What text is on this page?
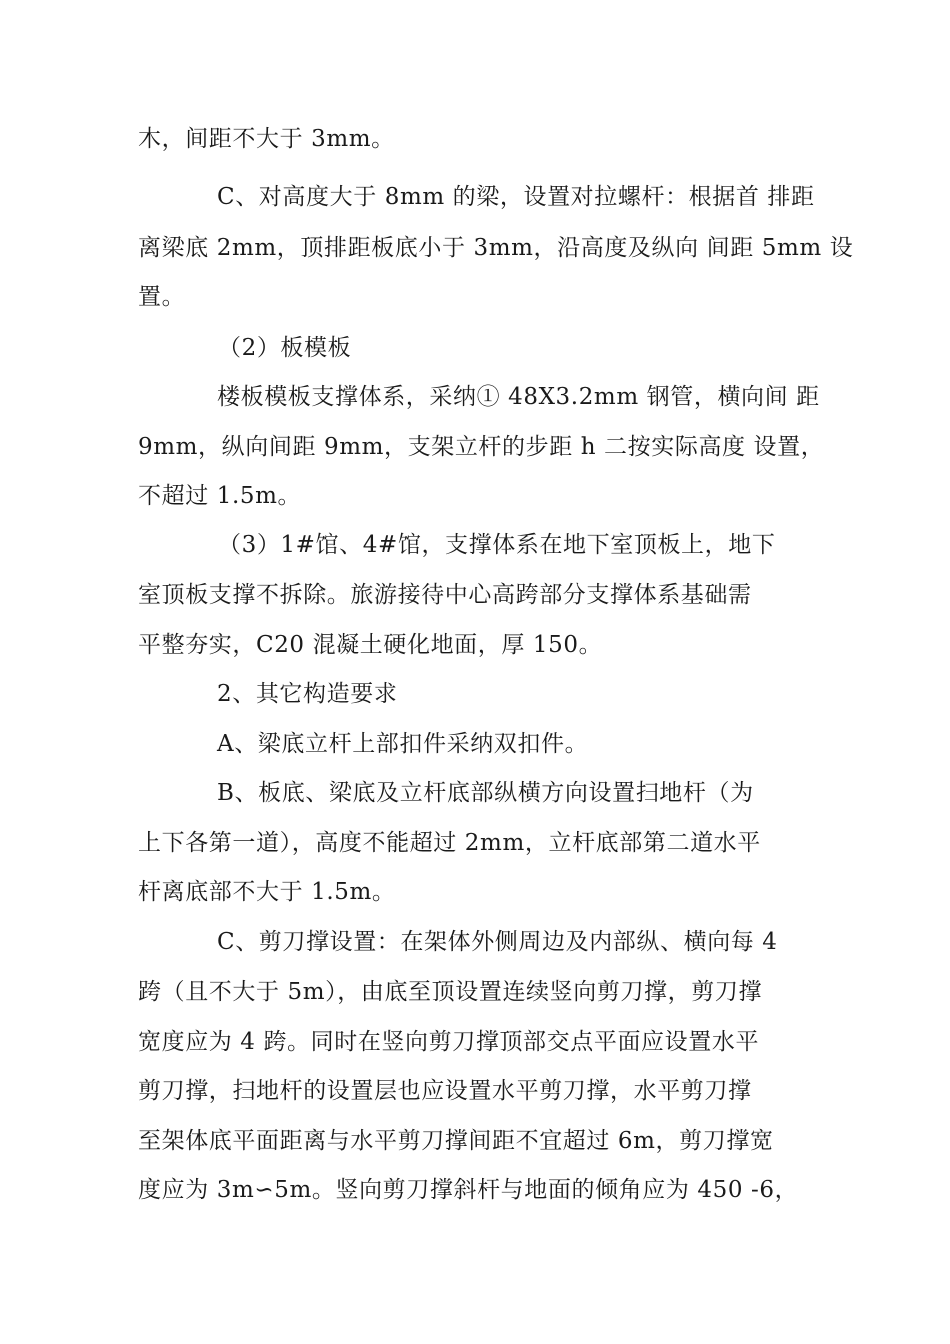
木，间距不大于 3mm。
C、对高度大于 8mm 的梁，设置对拉螺杆：根据首 排距
离梁底 2mm，顶排距板底小于 3mm，沿高度及纵向 间距 5mm 设
置。
（2）板模板
楼板模板支撑体系，采纳① 48X3.2mm 钢管，横向间 距
9mm，纵向间距 9mm，支架立杆的步距 h 二按实际高度 设置，
不超过 1.5m。
（3）1#馆、4#馆，支撑体系在地下室顶板上，地下
室顶板支撑不拆除。旅游接待中心高跨部分支撑体系基础需
平整夯实，C20 混凝土硬化地面，厚 150。
2、其它构造要求
A、梁底立杆上部扣件采纳双扣件。
B、板底、梁底及立杆底部纵横方向设置扫地杆（为
上下各第一道），高度不能超过 2mm，立杆底部第二道水平
杆离底部不大于 1.5m。
C、剪刀撑设置：在架体外侧周边及内部纵、横向每 4
跨（且不大于 5m），由底至顶设置连续竖向剪刀撑，剪刀撑
宽度应为 4 跨。同时在竖向剪刀撑顶部交点平面应设置水平
剪刀撑，扫地杆的设置层也应设置水平剪刀撑，水平剪刀撑
至架体底平面距离与水平剪刀撑间距不宜超过 6m，剪刀撑宽
度应为 3m∽5m。竖向剪刀撑斜杆与地面的倾角应为 450 -6，
